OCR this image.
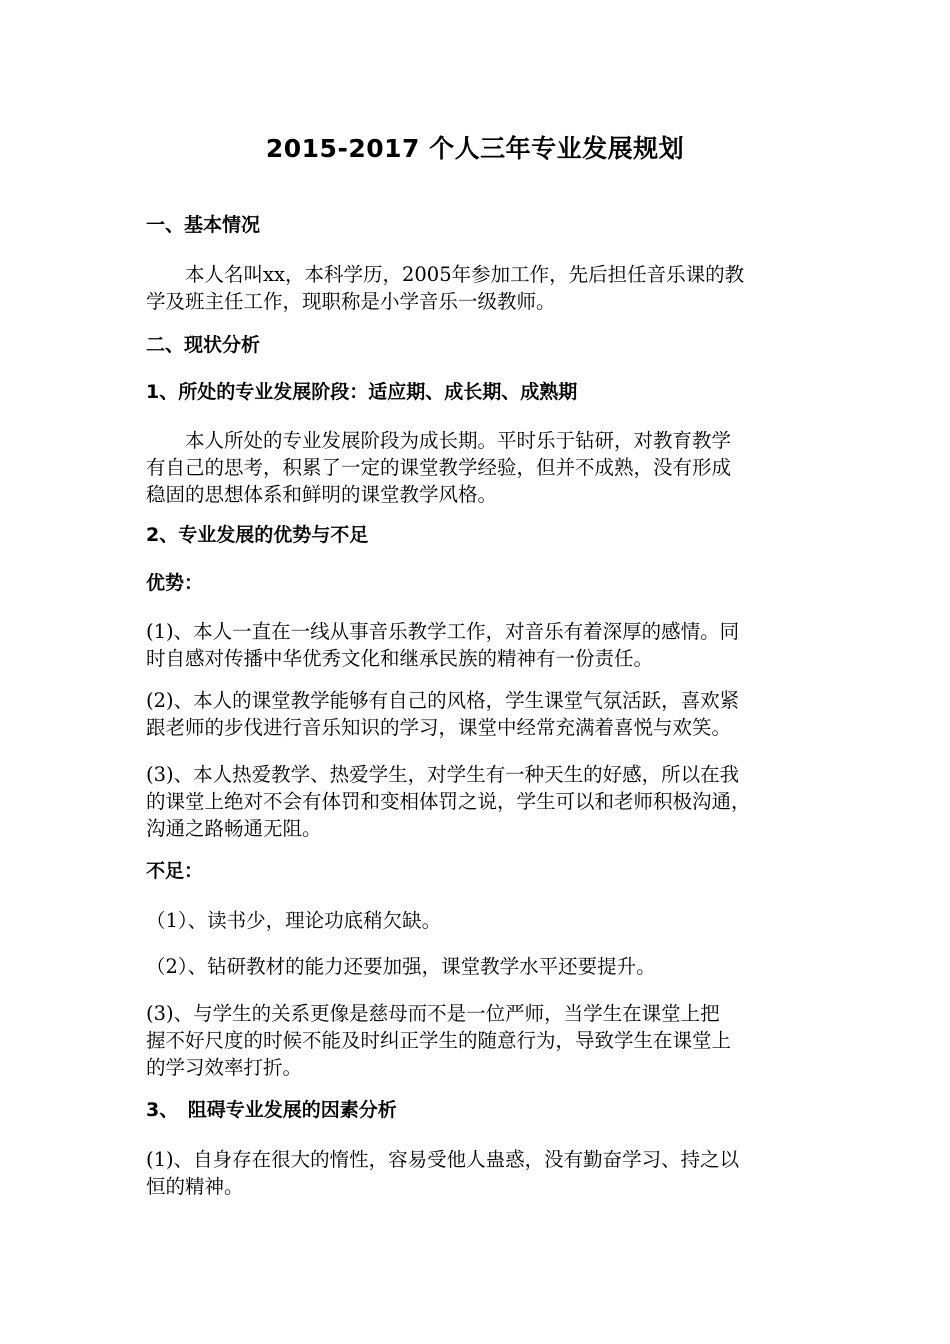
2015-2017 个人三年专业发展规划
一、基本情况
　　本人名叫xx，本科学历，2005年参加工作，先后担任音乐课的教
学及班主任工作，现职称是小学音乐一级教师。
二、现状分析
1、所处的专业发展阶段：适应期、成长期、成熟期
　　本人所处的专业发展阶段为成长期。平时乐于钻研，对教育教学
有自己的思考，积累了一定的课堂教学经验，但并不成熟，没有形成
稳固的思想体系和鲜明的课堂教学风格。
2、专业发展的优势与不足
优势：
(1)、本人一直在一线从事音乐教学工作，对音乐有着深厚的感情。同
时自感对传播中华优秀文化和继承民族的精神有一份责任。
(2)、本人的课堂教学能够有自己的风格，学生课堂气氛活跃，喜欢紧
跟老师的步伐进行音乐知识的学习，课堂中经常充满着喜悦与欢笑。
(3)、本人热爱教学、热爱学生，对学生有一种天生的好感，所以在我
的课堂上绝对不会有体罚和变相体罚之说，学生可以和老师积极沟通，
沟通之路畅通无阻。
不足：
（1）、读书少，理论功底稍欠缺。
（2）、钻研教材的能力还要加强，课堂教学水平还要提升。
(3)、与学生的关系更像是慈母而不是一位严师，当学生在课堂上把
握不好尺度的时候不能及时纠正学生的随意行为，导致学生在课堂上
的学习效率打折。
3、　阻碍专业发展的因素分析
(1)、自身存在很大的惰性，容易受他人蛊惑，没有勤奋学习、持之以
恒的精神。
